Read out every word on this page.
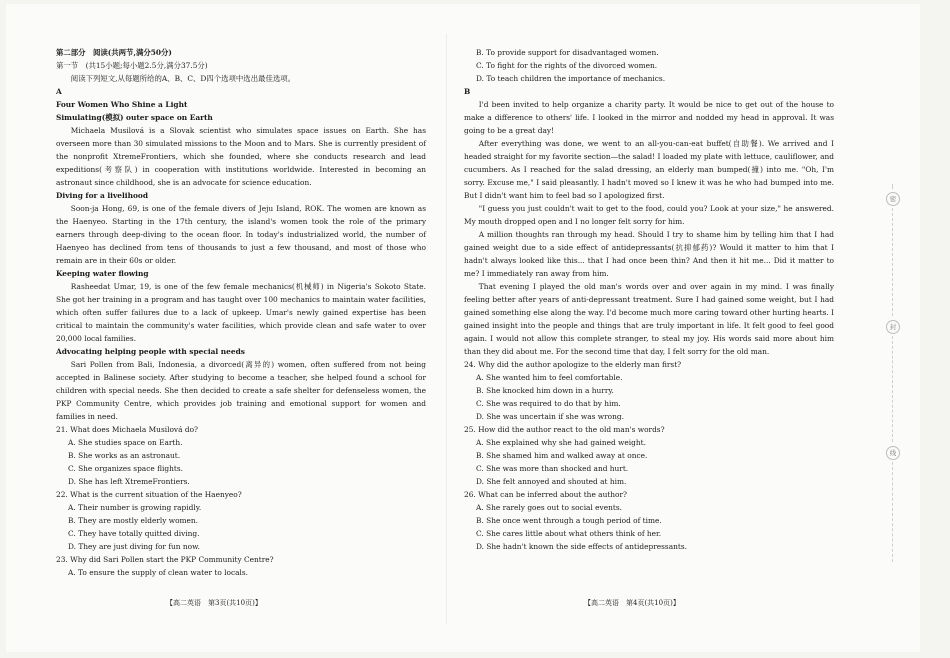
第二部分　阅读(共两节,满分50分)

第一节　(共15小题;每小题2.5分,满分37.5分)

阅读下列短文,从每题所给的A、B、C、D四个选项中选出最佳选项。

A

Four Women Who Shine a Light

Simulating(模拟) outer space on Earth

Michaela Musilová is a Slovak scientist who simulates space issues on Earth. She has overseen more than 30 simulated missions to the Moon and to Mars. She is currently president of the nonprofit XtremeFrontiers, which she founded, where she conducts research and lead expeditions(考察队) in cooperation with institutions worldwide. Interested in becoming an astronaut since childhood, she is an advocate for science education.

Diving for a livelihood

Soon-ja Hong, 69, is one of the female divers of Jeju Island, ROK. The women are known as the Haenyeo. Starting in the 17th century, the island's women took the role of the primary earners through deep-diving to the ocean floor. In today's industrialized world, the number of Haenyeo has declined from tens of thousands to just a few thousand, and most of those who remain are in their 60s or older.

Keeping water flowing

Rasheedat Umar, 19, is one of the few female mechanics(机械师) in Nigeria's Sokoto State. She got her training in a program and has taught over 100 mechanics to maintain water facilities, which often suffer failures due to a lack of upkeep. Umar's newly gained expertise has been critical to maintain the community's water facilities, which provide clean and safe water to over 20,000 local families.

Advocating helping people with special needs

Sari Pollen from Bali, Indonesia, a divorced(离异的) women, often suffered from not being accepted in Balinese society. After studying to become a teacher, she helped found a school for children with special needs. She then decided to create a safe shelter for defenseless women, the PKP Community Centre, which provides job training and emotional support for women and families in need.

21. What does Michaela Musilová do?

A. She studies space on Earth.

B. She works as an astronaut.

C. She organizes space flights.

D. She has left XtremeFrontiers.

22. What is the current situation of the Haenyeo?

A. Their number is growing rapidly.

B. They are mostly elderly women.

C. They have totally quitted diving.

D. They are just diving for fun now.

23. Why did Sari Pollen start the PKP Community Centre?

A. To ensure the supply of clean water to locals.

B. To provide support for disadvantaged women.

C. To fight for the rights of the divorced women.

D. To teach children the importance of mechanics.

B

I'd been invited to help organize a charity party. It would be nice to get out of the house to make a difference to others' life. I looked in the mirror and nodded my head in approval. It was going to be a great day!

After everything was done, we went to an all-you-can-eat buffet(自助餐). We arrived and I headed straight for my favorite section—the salad! I loaded my plate with lettuce, cauliflower, and cucumbers. As I reached for the salad dressing, an elderly man bumped(撞) into me. "Oh, I'm sorry. Excuse me," I said pleasantly. I hadn't moved so I knew it was he who had bumped into me. But I didn't want him to feel bad so I apologized first.

"I guess you just couldn't wait to get to the food, could you? Look at your size," he answered. My mouth dropped open and I no longer felt sorry for him.

A million thoughts ran through my head. Should I try to shame him by telling him that I had gained weight due to a side effect of antidepressants(抗抑郁药)? Would it matter to him that I hadn't always looked like this... that I had once been thin? And then it hit me... Did it matter to me? I immediately ran away from him.

That evening I played the old man's words over and over again in my mind. I was finally feeling better after years of anti-depressant treatment. Sure I had gained some weight, but I had gained something else along the way. I'd become much more caring toward other hurting hearts. I gained insight into the people and things that are truly important in life. It felt good to feel good again. I would not allow this complete stranger, to steal my joy. His words said more about him than they did about me. For the second time that day, I felt sorry for the old man.

24. Why did the author apologize to the elderly man first?

A. She wanted him to feel comfortable.

B. She knocked him down in a hurry.

C. She was required to do that by him.

D. She was uncertain if she was wrong.

25. How did the author react to the old man's words?

A. She explained why she had gained weight.

B. She shamed him and walked away at once.

C. She was more than shocked and hurt.

D. She felt annoyed and shouted at him.

26. What can be inferred about the author?

A. She rarely goes out to social events.

B. She once went through a tough period of time.

C. She cares little about what others think of her.

D. She hadn't known the side effects of antidepressants.

【高二英语　第3页(共10页)】	【高二英语　第4页(共10页)】
密
封
线
